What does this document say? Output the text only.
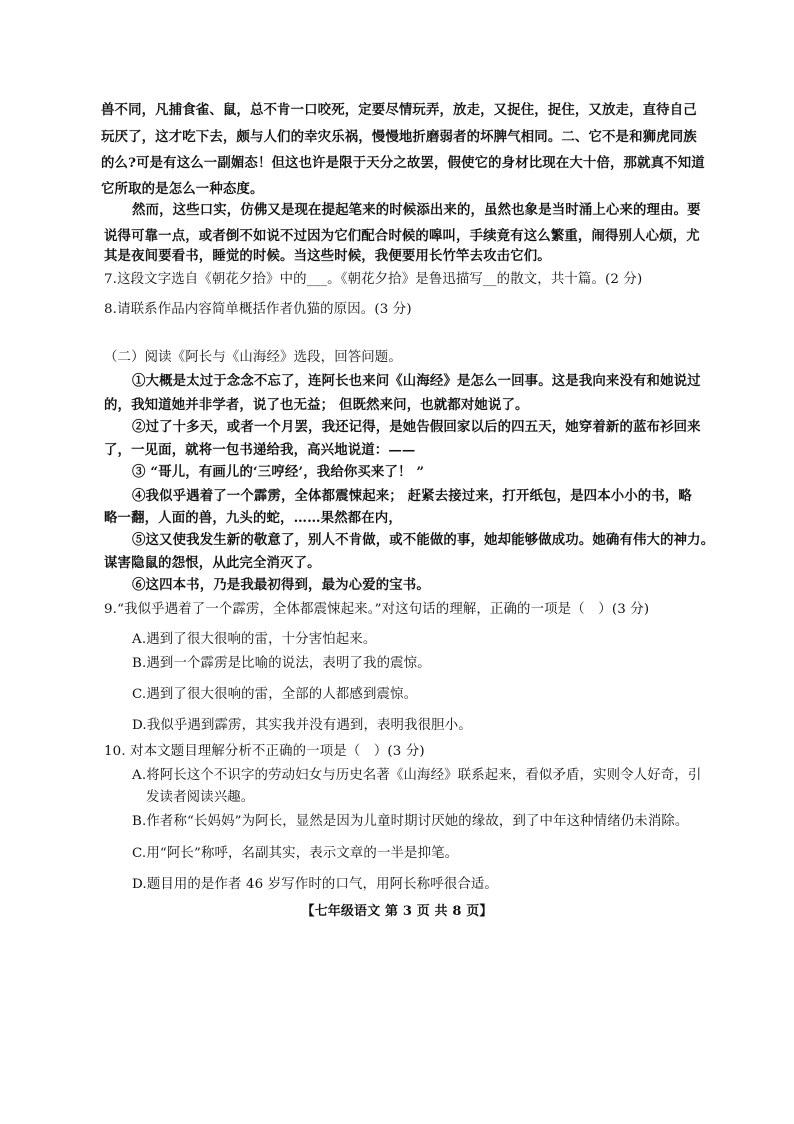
兽不同，凡捕食雀、鼠，总不肯一口咬死，定要尽情玩弄，放走，又捉住，捉住，又放走，直待自己
玩厌了，这才吃下去，颇与人们的幸灾乐祸，慢慢地折磨弱者的坏脾气相同。二、它不是和狮虎同族
的么?可是有这么一副媚态！但这也许是限于天分之故罢，假使它的身材比现在大十倍，那就真不知道
它所取的是怎么一种态度。
然而，这些口实，仿佛又是现在提起笔来的时候添出来的，虽然也象是当时涌上心来的理由。要
说得可靠一点，或者倒不如说不过因为它们配合时候的嗥叫，手续竟有这么繁重，闹得别人心烦，尤
其是夜间要看书，睡觉的时候。当这些时候，我便要用长竹竿去攻击它们。
7.这段文字选自《朝花夕拾》中的___。《朝花夕拾》是鲁迅描写__的散文，共十篇。(2 分)
8.请联系作品内容简单概括作者仇猫的原因。(3 分)
（二）阅读《阿长与《山海经》选段，回答问题。
①大概是太过于念念不忘了，连阿长也来问《山海经》是怎么一回事。这是我向来没有和她说过
的，我知道她并非学者，说了也无益； 但既然来问，也就都对她说了。
②过了十多天，或者一个月罢，我还记得，是她告假回家以后的四五天，她穿着新的蓝布衫回来
了，一见面，就将一包书递给我，高兴地说道：——
③ “哥儿，有画儿的‘三哼经’，我给你买来了！ ”
④我似乎遇着了一个霹雳，全体都震悚起来； 赶紧去接过来，打开纸包，是四本小小的书，略
略一翻，人面的兽，九头的蛇，……果然都在内，
⑤这又使我发生新的敬意了，别人不肯做，或不能做的事，她却能够做成功。她确有伟大的神力。
谋害隐鼠的怨恨，从此完全消灭了。
⑥这四本书，乃是我最初得到，最为心爱的宝书。
9.“我似乎遇着了一个霹雳，全体都震悚起来。”对这句话的理解，正确的一项是（　）(3 分)
A.遇到了很大很响的雷，十分害怕起来。
B.遇到一个霹雳是比喻的说法，表明了我的震惊。
C.遇到了很大很响的雷，全部的人都感到震惊。
D.我似乎遇到霹雳，其实我并没有遇到，表明我很胆小。
10. 对本文题目理解分析不正确的一项是（　）(3 分)
A.将阿长这个不识字的劳动妇女与历史名著《山海经》联系起来，看似矛盾，实则令人好奇，引
发读者阅读兴趣。
B.作者称“长妈妈”为阿长，显然是因为儿童时期讨厌她的缘故，到了中年这种情绪仍未消除。
C.用“阿长”称呼，名副其实，表示文章的一半是抑笔。
D.题目用的是作者 46 岁写作时的口气，用阿长称呼很合适。
【七年级语文 第 3 页 共 8 页】
